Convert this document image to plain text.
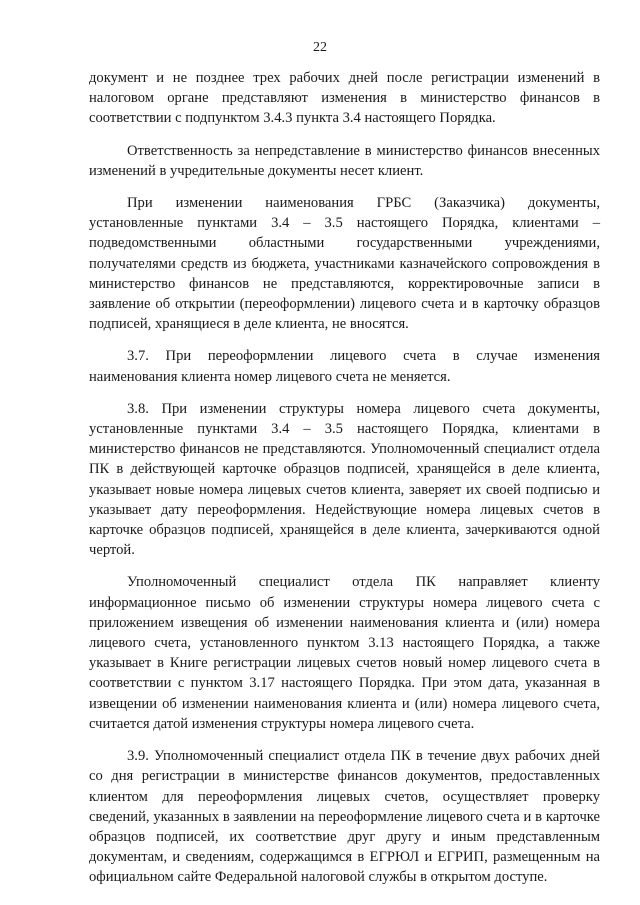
22

документ и не позднее трех рабочих дней после регистрации изменений в налоговом органе представляют изменения в министерство финансов в соответствии с подпунктом 3.4.3 пункта 3.4 настоящего Порядка.

Ответственность за непредставление в министерство финансов внесенных изменений в учредительные документы несет клиент.

При изменении наименования ГРБС (Заказчика) документы, установленные пунктами 3.4 – 3.5 настоящего Порядка, клиентами – подведомственными областными государственными учреждениями, получателями средств из бюджета, участниками казначейского сопровождения в министерство финансов не представляются, корректировочные записи в заявление об открытии (переоформлении) лицевого счета и в карточку образцов подписей, хранящиеся в деле клиента, не вносятся.

3.7. При переоформлении лицевого счета в случае изменения наименования клиента номер лицевого счета не меняется.

3.8. При изменении структуры номера лицевого счета документы, установленные пунктами 3.4 – 3.5 настоящего Порядка, клиентами в министерство финансов не представляются. Уполномоченный специалист отдела ПК в действующей карточке образцов подписей, хранящейся в деле клиента, указывает новые номера лицевых счетов клиента, заверяет их своей подписью и указывает дату переоформления. Недействующие номера лицевых счетов в карточке образцов подписей, хранящейся в деле клиента, зачеркиваются одной чертой.

Уполномоченный специалист отдела ПК направляет клиенту информационное письмо об изменении структуры номера лицевого счета с приложением извещения об изменении наименования клиента и (или) номера лицевого счета, установленного пунктом 3.13 настоящего Порядка, а также указывает в Книге регистрации лицевых счетов новый номер лицевого счета в соответствии с пунктом 3.17 настоящего Порядка. При этом дата, указанная в извещении об изменении наименования клиента и (или) номера лицевого счета, считается датой изменения структуры номера лицевого счета.

3.9. Уполномоченный специалист отдела ПК в течение двух рабочих дней со дня регистрации в министерстве финансов документов, предоставленных клиентом для переоформления лицевых счетов, осуществляет проверку сведений, указанных в заявлении на переоформление лицевого счета и в карточке образцов подписей, их соответствие друг другу и иным представленным документам, и сведениям, содержащимся в ЕГРЮЛ и ЕГРИП, размещенным на официальном сайте Федеральной налоговой службы в открытом доступе.
